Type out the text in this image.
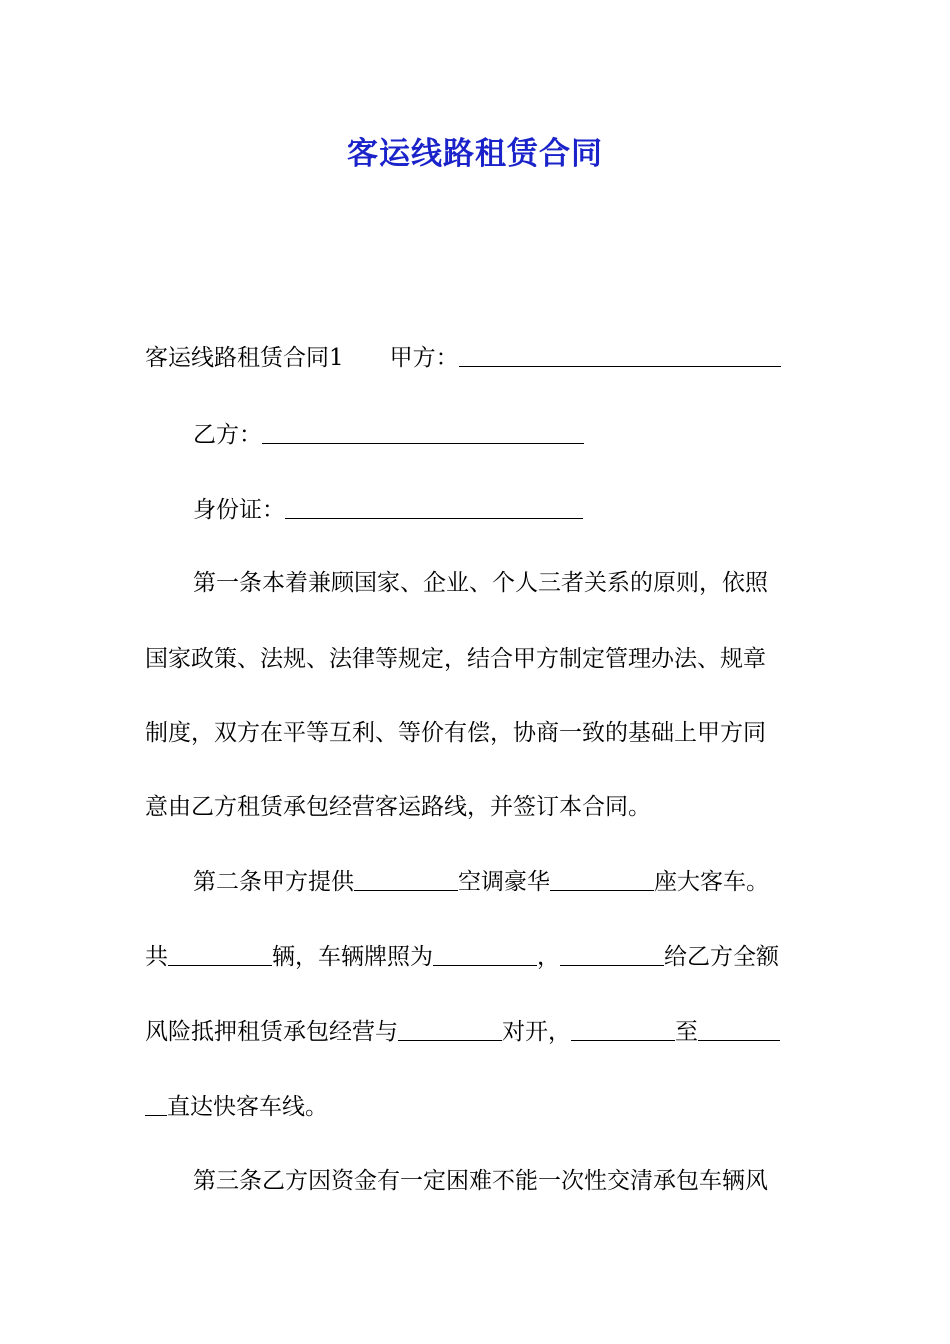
客运线路租赁合同
客运线路租赁合同1　　甲方：
乙方：
身份证：
第一条本着兼顾国家、企业、个人三者关系的原则，依照
国家政策、法规、法律等规定，结合甲方制定管理办法、规章
制度，双方在平等互利、等价有偿，协商一致的基础上甲方同
意由乙方租赁承包经营客运路线，并签订本合同。
第二条甲方提供	空调豪华	座大客车。
共	辆，车辆牌照为	，	给乙方全额
风险抵押租赁承包经营与	对开，	至
直达快客车线。
第三条乙方因资金有一定困难不能一次性交清承包车辆风
